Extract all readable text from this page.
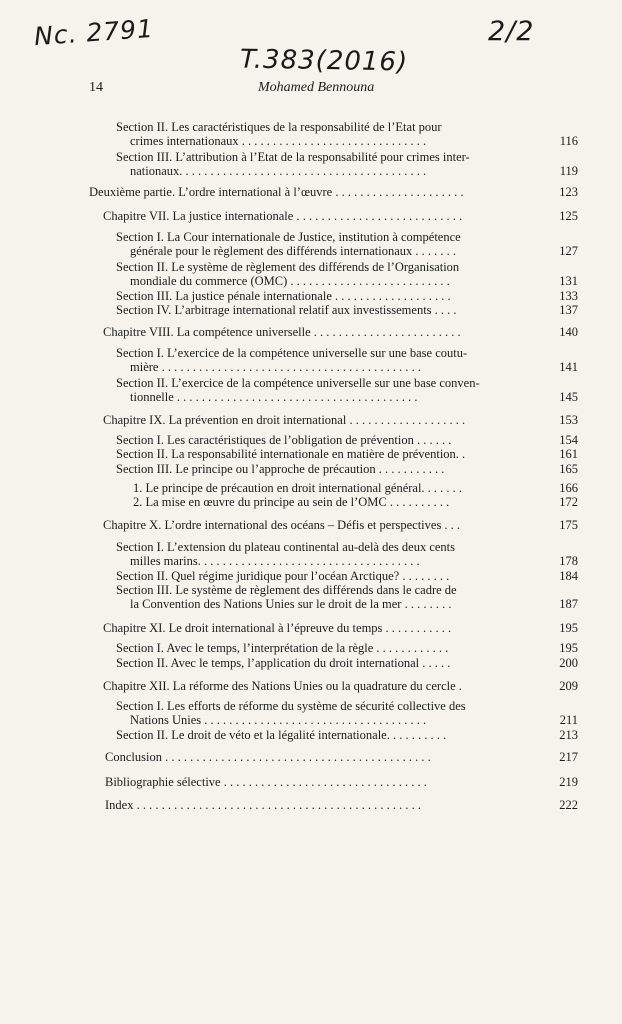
Nc. 2791	2/2
T.383(2016)
14	Mohamed Bennouna
Section II. Les caractéristiques de la responsabilité de l’Etat pour
crimes internationaux . . . . . . . . . . . . . . . . . . . . . . . . . . . . . .	116
Section III. L’attribution à l’Etat de la responsabilité pour crimes inter-
nationaux. . . . . . . . . . . . . . . . . . . . . . . . . . . . . . . . . . . . . . . .	119
Deuxième partie. L’ordre international à l’œuvre . . . . . . . . . . . . . . . . . . . . .	123
Chapitre VII. La justice internationale . . . . . . . . . . . . . . . . . . . . . . . . . . .	125
Section I. La Cour internationale de Justice, institution à compétence
générale pour le règlement des différends internationaux . . . . . . .	127
Section II. Le système de règlement des différends de l’Organisation
mondiale du commerce (OMC) . . . . . . . . . . . . . . . . . . . . . . . . . .	131
Section III. La justice pénale internationale . . . . . . . . . . . . . . . . . . .	133
Section IV. L’arbitrage international relatif aux investissements . . . .	137
Chapitre VIII. La compétence universelle . . . . . . . . . . . . . . . . . . . . . . . .	140
Section I. L’exercice de la compétence universelle sur une base coutu-
mière . . . . . . . . . . . . . . . . . . . . . . . . . . . . . . . . . . . . . . . . . .	141
Section II. L’exercice de la compétence universelle sur une base conven-
tionnelle . . . . . . . . . . . . . . . . . . . . . . . . . . . . . . . . . . . . . . .	145
Chapitre IX. La prévention en droit international . . . . . . . . . . . . . . . . . . .	153
Section I. Les caractéristiques de l’obligation de prévention . . . . . .	154
Section II. La responsabilité internationale en matière de prévention. .	161
Section III. Le principe ou l’approche de précaution . . . . . . . . . . .	165
1. Le principe de précaution en droit international général. . . . . . .	166
2. La mise en œuvre du principe au sein de l’OMC . . . . . . . . . .	172
Chapitre X. L’ordre international des océans – Défis et perspectives . . .	175
Section I. L’extension du plateau continental au-delà des deux cents
milles marins. . . . . . . . . . . . . . . . . . . . . . . . . . . . . . . . . . . .	178
Section II. Quel régime juridique pour l’océan Arctique? . . . . . . . .	184
Section III. Le système de règlement des différends dans le cadre de
la Convention des Nations Unies sur le droit de la mer . . . . . . . .	187
Chapitre XI. Le droit international à l’épreuve du temps . . . . . . . . . . .	195
Section I. Avec le temps, l’interprétation de la règle . . . . . . . . . . . .	195
Section II. Avec le temps, l’application du droit international . . . . .	200
Chapitre XII. La réforme des Nations Unies ou la quadrature du cercle .	209
Section I. Les efforts de réforme du système de sécurité collective des
Nations Unies . . . . . . . . . . . . . . . . . . . . . . . . . . . . . . . . . . . .	211
Section II. Le droit de véto et la légalité internationale. . . . . . . . . .	213
Conclusion . . . . . . . . . . . . . . . . . . . . . . . . . . . . . . . . . . . . . . . . . . .	217
Bibliographie sélective . . . . . . . . . . . . . . . . . . . . . . . . . . . . . . . . .	219
Index . . . . . . . . . . . . . . . . . . . . . . . . . . . . . . . . . . . . . . . . . . . . . .	222
